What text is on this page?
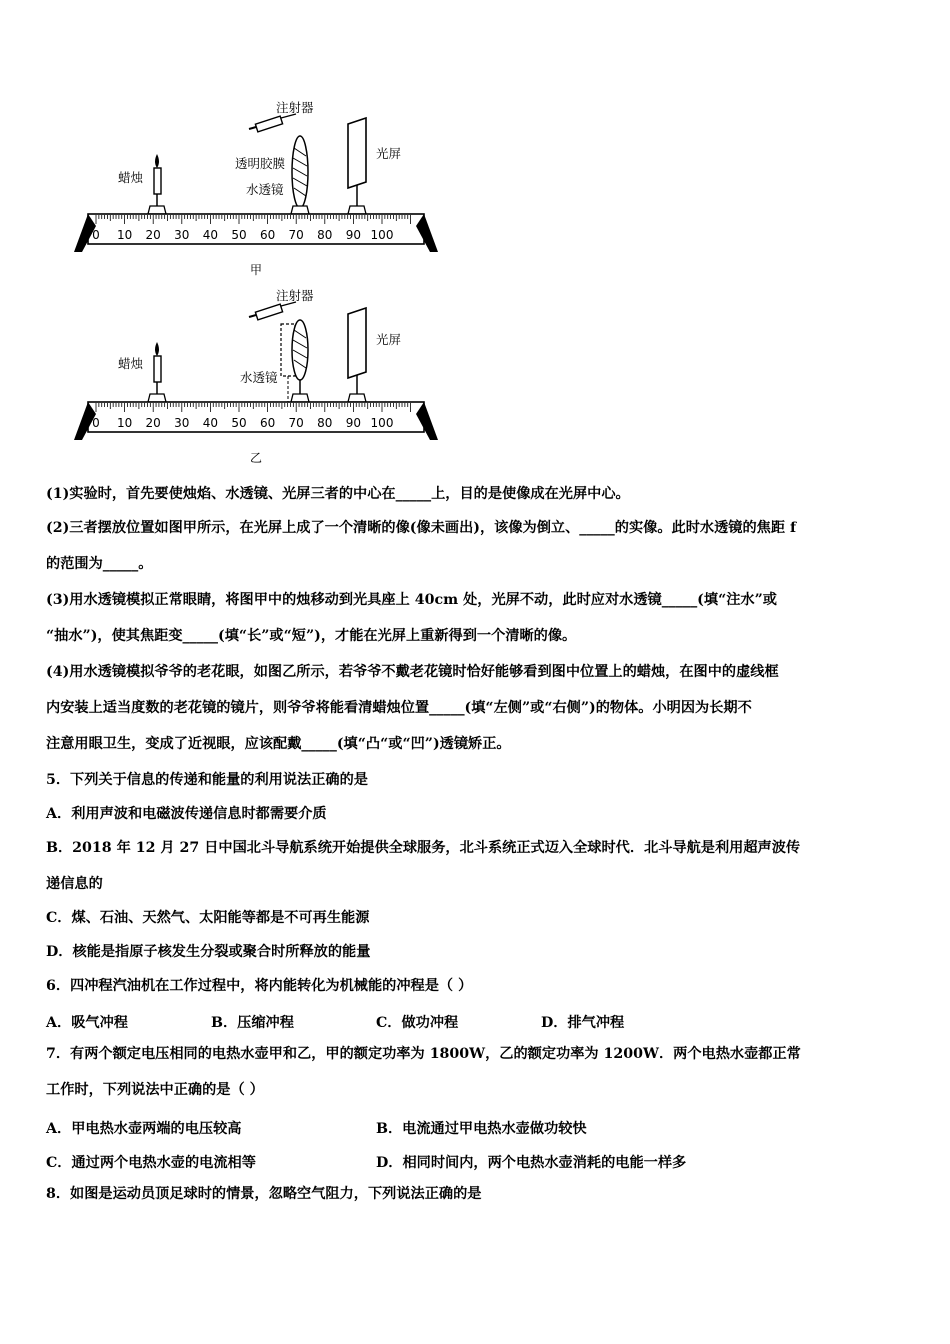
注射器
透明胶膜
水透镜
蜡烛
光屏
0 10 20 30 40 50 60 70 80 90 100
甲
注射器
水透镜
蜡烛
光屏
0 10 20 30 40 50 60 70 80 90 100
乙
(1)实验时，首先要使烛焰、水透镜、光屏三者的中心在_____上，目的是使像成在光屏中心。
(2)三者摆放位置如图甲所示，在光屏上成了一个清晰的像(像未画出)，该像为倒立、_____的实像。此时水透镜的焦距 f
的范围为_____。
(3)用水透镜模拟正常眼睛，将图甲中的烛移动到光具座上 40cm 处，光屏不动，此时应对水透镜_____(填“注水”或
“抽水”)，使其焦距变_____(填“长”或“短”)，才能在光屏上重新得到一个清晰的像。
(4)用水透镜模拟爷爷的老花眼，如图乙所示，若爷爷不戴老花镜时恰好能够看到图中位置上的蜡烛，在图中的虚线框
内安装上适当度数的老花镜的镜片，则爷爷将能看清蜡烛位置_____(填“左侧”或“右侧”)的物体。小明因为长期不
注意用眼卫生，变成了近视眼，应该配戴_____(填“凸“或“凹”)透镜矫正。
5．下列关于信息的传递和能量的利用说法正确的是
A．利用声波和电磁波传递信息时都需要介质
B．2018 年 12 月 27 日中国北斗导航系统开始提供全球服务，北斗系统正式迈入全球时代．北斗导航是利用超声波传
递信息的
C．煤、石油、天然气、太阳能等都是不可再生能源
D．核能是指原子核发生分裂或聚合时所释放的能量
6．四冲程汽油机在工作过程中，将内能转化为机械能的冲程是（ ）
A．吸气冲程	B．压缩冲程	C．做功冲程	D．排气冲程
7．有两个额定电压相同的电热水壶甲和乙，甲的额定功率为 1800W，乙的额定功率为 1200W．两个电热水壶都正常
工作时，下列说法中正确的是（ ）
A．甲电热水壶两端的电压较高	B．电流通过甲电热水壶做功较快
C．通过两个电热水壶的电流相等	D．相同时间内，两个电热水壶消耗的电能一样多
8．如图是运动员顶足球时的情景，忽略空气阻力，下列说法正确的是
